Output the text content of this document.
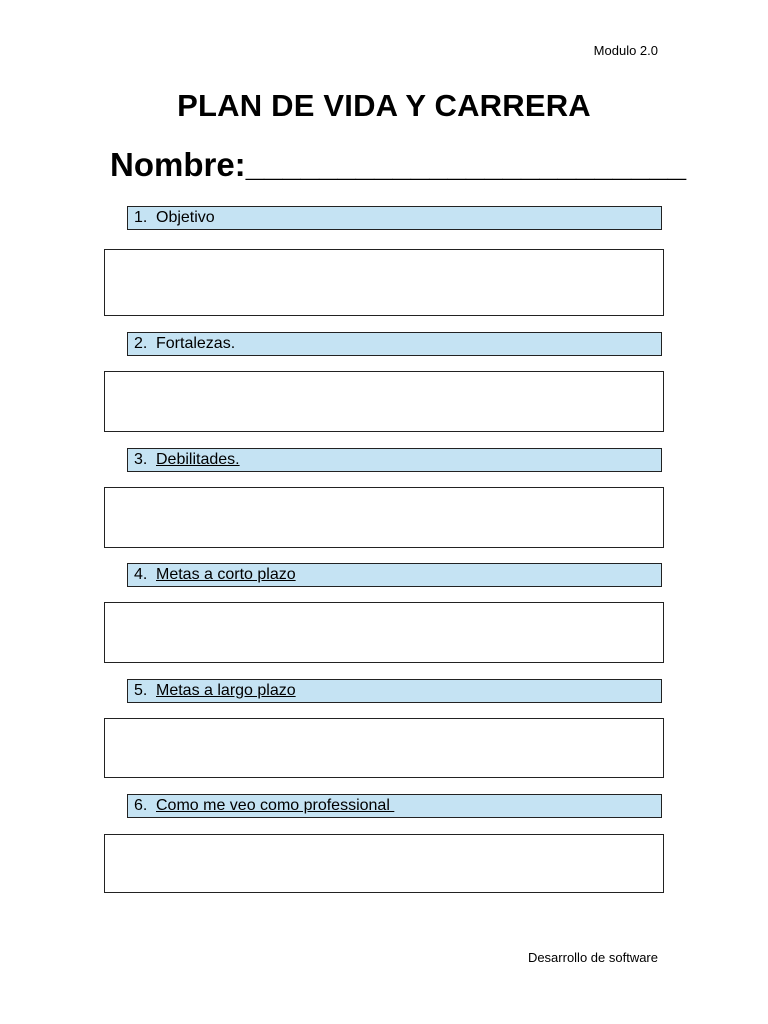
Modulo 2.0
PLAN DE VIDA Y CARRERA
Nombre:________________________
1. Objetivo
2. Fortalezas.
3. Debilitades.
4. Metas a corto plazo
5. Metas a largo plazo
6. Como me veo como professional
Desarrollo de software
